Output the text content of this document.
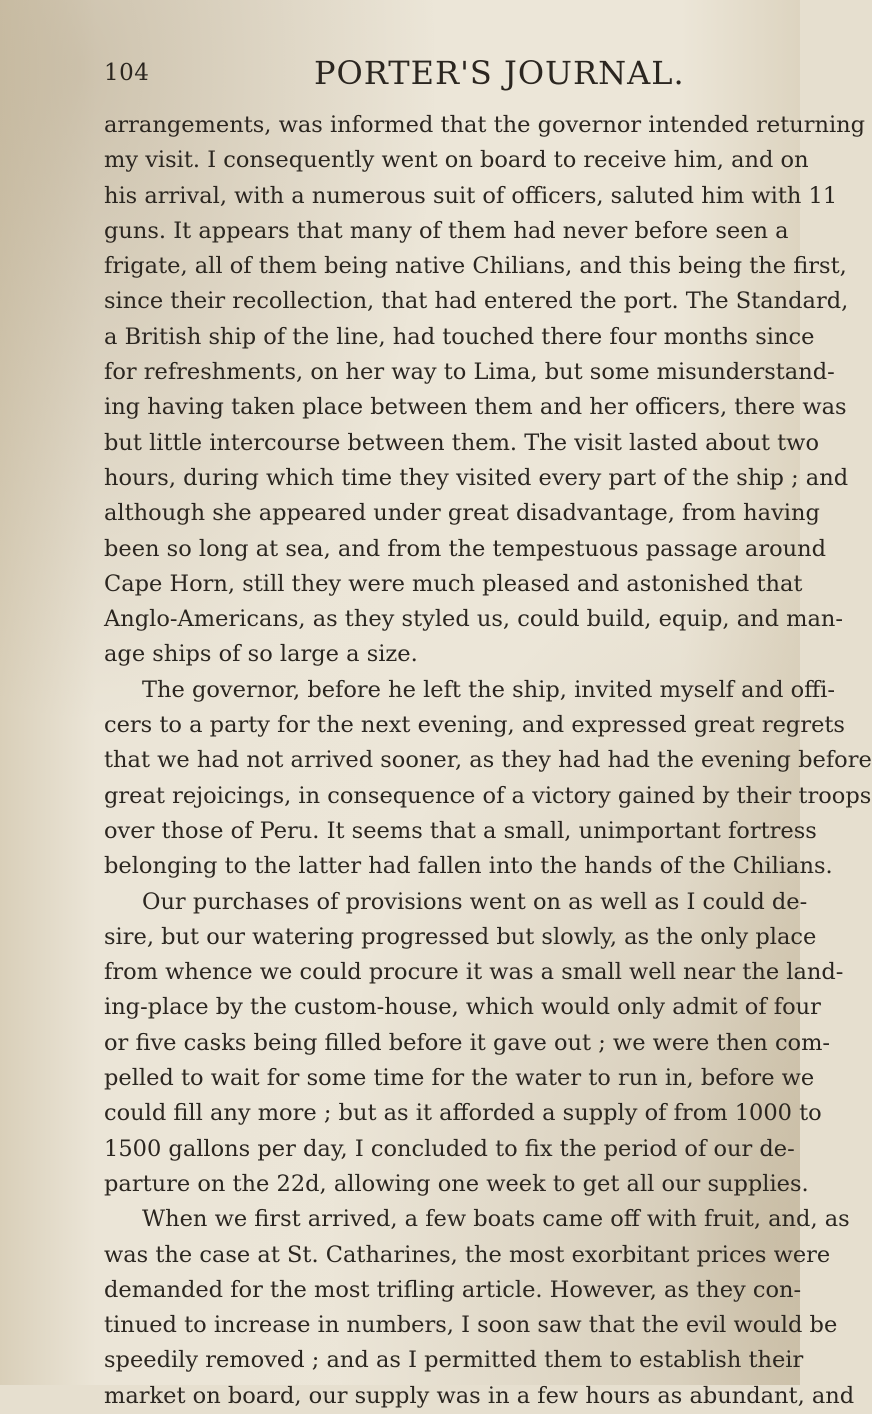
104	PORTER'S JOURNAL.
arrangements, was informed that the governor intended returning
my visit. I consequently went on board to receive him, and on
his arrival, with a numerous suit of officers, saluted him with 11
guns. It appears that many of them had never before seen a
frigate, all of them being native Chilians, and this being the first,
since their recollection, that had entered the port. The Standard,
a British ship of the line, had touched there four months since
for refreshments, on her way to Lima, but some misunderstand-
ing having taken place between them and her officers, there was
but little intercourse between them. The visit lasted about two
hours, during which time they visited every part of the ship ; and
although she appeared under great disadvantage, from having
been so long at sea, and from the tempestuous passage around
Cape Horn, still they were much pleased and astonished that
Anglo-Americans, as they styled us, could build, equip, and man-
age ships of so large a size.
The governor, before he left the ship, invited myself and offi-
cers to a party for the next evening, and expressed great regrets
that we had not arrived sooner, as they had had the evening before
great rejoicings, in consequence of a victory gained by their troops
over those of Peru. It seems that a small, unimportant fortress
belonging to the latter had fallen into the hands of the Chilians.
Our purchases of provisions went on as well as I could de-
sire, but our watering progressed but slowly, as the only place
from whence we could procure it was a small well near the land-
ing-place by the custom-house, which would only admit of four
or five casks being filled before it gave out ; we were then com-
pelled to wait for some time for the water to run in, before we
could fill any more ; but as it afforded a supply of from 1000 to
1500 gallons per day, I concluded to fix the period of our de-
parture on the 22d, allowing one week to get all our supplies.
When we first arrived, a few boats came off with fruit, and, as
was the case at St. Catharines, the most exorbitant prices were
demanded for the most trifling article. However, as they con-
tinued to increase in numbers, I soon saw that the evil would be
speedily removed ; and as I permitted them to establish their
market on board, our supply was in a few hours as abundant, and
